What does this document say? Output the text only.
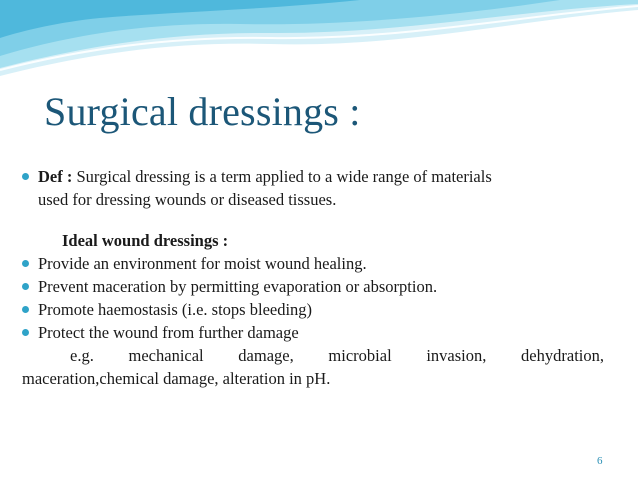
Surgical dressings :
Def : Surgical dressing is a term applied to a wide range of materials
used for dressing wounds or diseased tissues.
Ideal wound dressings :
Provide an environment for moist wound healing.
Prevent maceration by permitting evaporation or absorption.
Promote haemostasis (i.e. stops bleeding)
Protect the wound from further damage
e.g. mechanical damage, microbial invasion, dehydration,
maceration,chemical damage, alteration in pH.
6
